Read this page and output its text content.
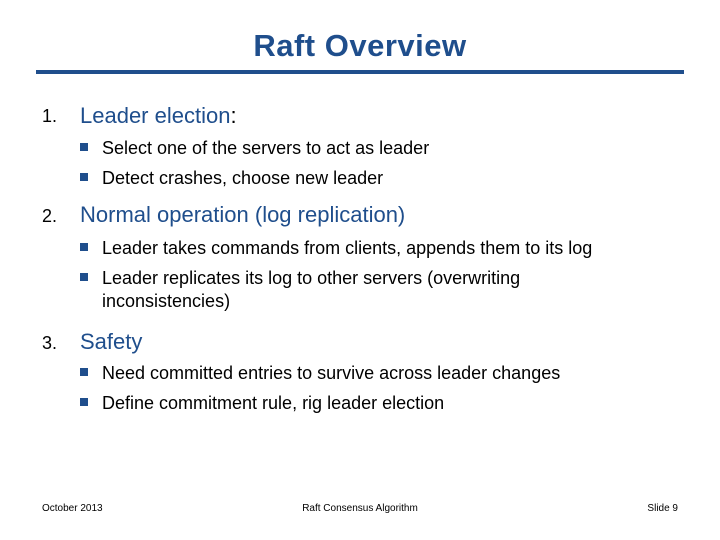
Raft Overview
1. Leader election:
Select one of the servers to act as leader
Detect crashes, choose new leader
2. Normal operation (log replication)
Leader takes commands from clients, appends them to its log
Leader replicates its log to other servers (overwriting inconsistencies)
3. Safety
Need committed entries to survive across leader changes
Define commitment rule, rig leader election
October 2013	Raft Consensus Algorithm	Slide 9
